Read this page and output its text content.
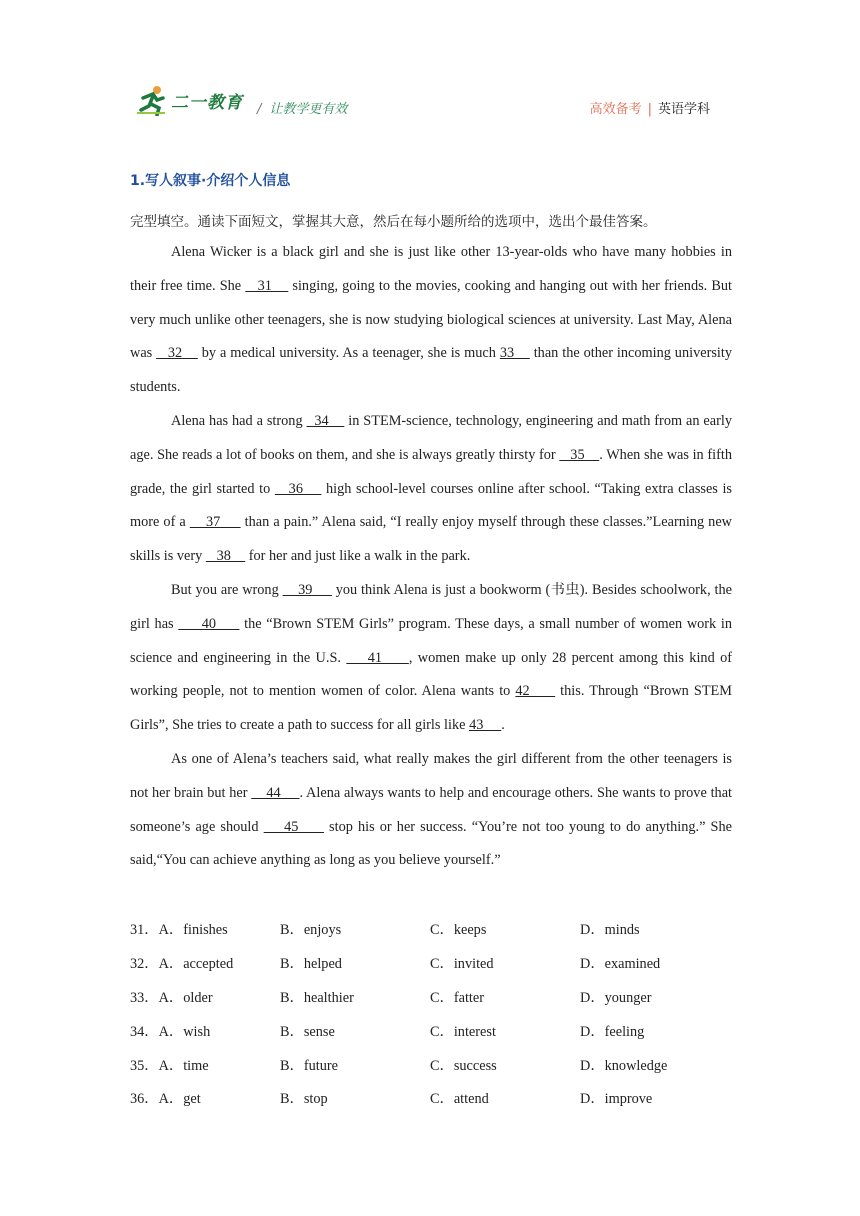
二一教育 / 让教学更有效	高效备考 | 英语学科
1.写人叙事·介绍个人信息
完型填空。通读下面短文，掌握其大意，然后在每小题所给的选项中，选出个最佳答案。

Alena Wicker is a black girl and she is just like other 13-year-olds who have many hobbies in their free time. She    31     singing, going to the movies, cooking and hanging out with her friends. But very much unlike other teenagers, she is now studying biological sciences at university. Last May, Alena was    32     by a medical university. As a teenager, she is much 33     than the other incoming university students.

Alena has had a strong   34     in STEM-science, technology, engineering and math from an early age. She reads a lot of books on them, and she is always greatly thirsty for    35    . When she was in fifth grade, the girl started to    36     high school-level courses online after school. “Taking extra classes is more of a     37      than a pain.” Alena said, “I really enjoy myself through these classes.”Learning new skills is very    38     for her and just like a walk in the park.

But you are wrong     39      you think Alena is just a bookworm (书虫). Besides schoolwork, the girl has      40      the “Brown STEM Girls” program. These days, a small number of women work in science and engineering in the U.S.     41     , women make up only 28 percent among this kind of working people, not to mention women of color. Alena wants to 42      this. Through “Brown STEM Girls”, She tries to create a path to success for all girls like 43     .

As one of Alena’s teachers said, what really makes the girl different from the other teenagers is not her brain but her     44     . Alena always wants to help and encourage others. She wants to prove that someone’s age should     45      stop his or her success. “You’re not too young to do anything.” She said,“You can achieve anything as long as you believe yourself.”

31．A．finishes	B．enjoys	C．keeps	D．minds
32．A．accepted	B．helped	C．invited	D．examined
33．A．older	B．healthier	C．fatter	D．younger
34．A．wish	B．sense	C．interest	D．feeling
35．A．time	B．future	C．success	D．knowledge
36．A．get	B．stop	C．attend	D．improve
